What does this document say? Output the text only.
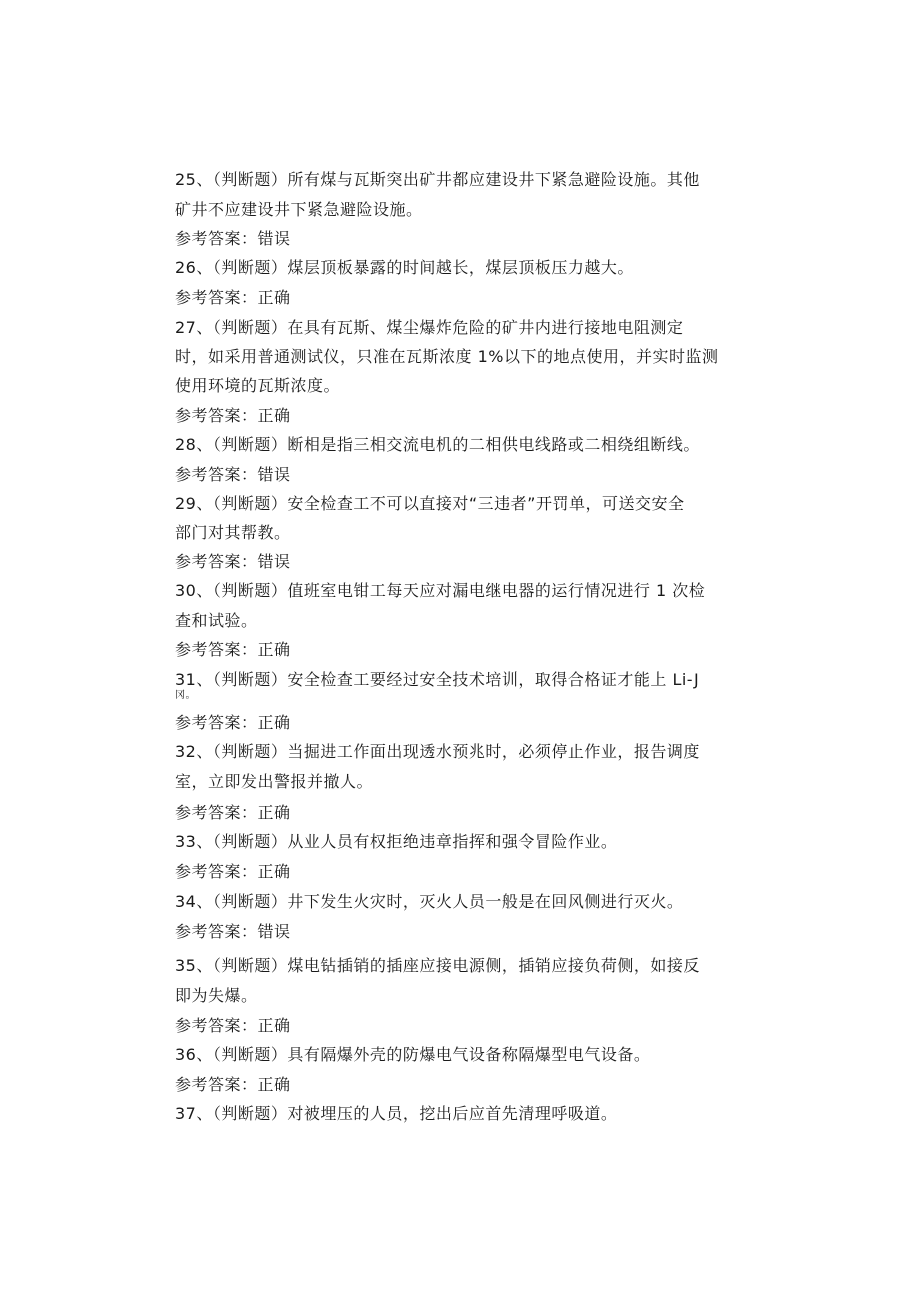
25、（判断题）所有煤与瓦斯突出矿井都应建设井下紧急避险设施。其他
矿井不应建设井下紧急避险设施。
参考答案：错误
26、（判断题）煤层顶板暴露的时间越长，煤层顶板压力越大。
参考答案：正确
27、（判断题）在具有瓦斯、煤尘爆炸危险的矿井内进行接地电阻测定
时，如采用普通测试仪，只准在瓦斯浓度 1%以下的地点使用，并实时监测
使用环境的瓦斯浓度。
参考答案：正确
28、（判断题）断相是指三相交流电机的二相供电线路或二相绕组断线。
参考答案：错误
29、（判断题）安全检查工不可以直接对“三违者”开罚单，可送交安全
部门对其帮教。
参考答案：错误
30、（判断题）值班室电钳工每天应对漏电继电器的运行情况进行 1 次检
查和试验。
参考答案：正确
31、（判断题）安全检查工要经过安全技术培训，取得合格证才能上 Li-J
冈。
参考答案：正确
32、（判断题）当掘进工作面出现透水预兆时，必须停止作业，报告调度
室，立即发出警报并撤人。
参考答案：正确
33、（判断题）从业人员有权拒绝违章指挥和强令冒险作业。
参考答案：正确
34、（判断题）井下发生火灾时，灭火人员一般是在回风侧进行灭火。
参考答案：错误
35、（判断题）煤电钻插销的插座应接电源侧，插销应接负荷侧，如接反
即为失爆。
参考答案：正确
36、（判断题）具有隔爆外壳的防爆电气设备称隔爆型电气设备。
参考答案：正确
37、（判断题）对被埋压的人员，挖出后应首先清理呼吸道。
